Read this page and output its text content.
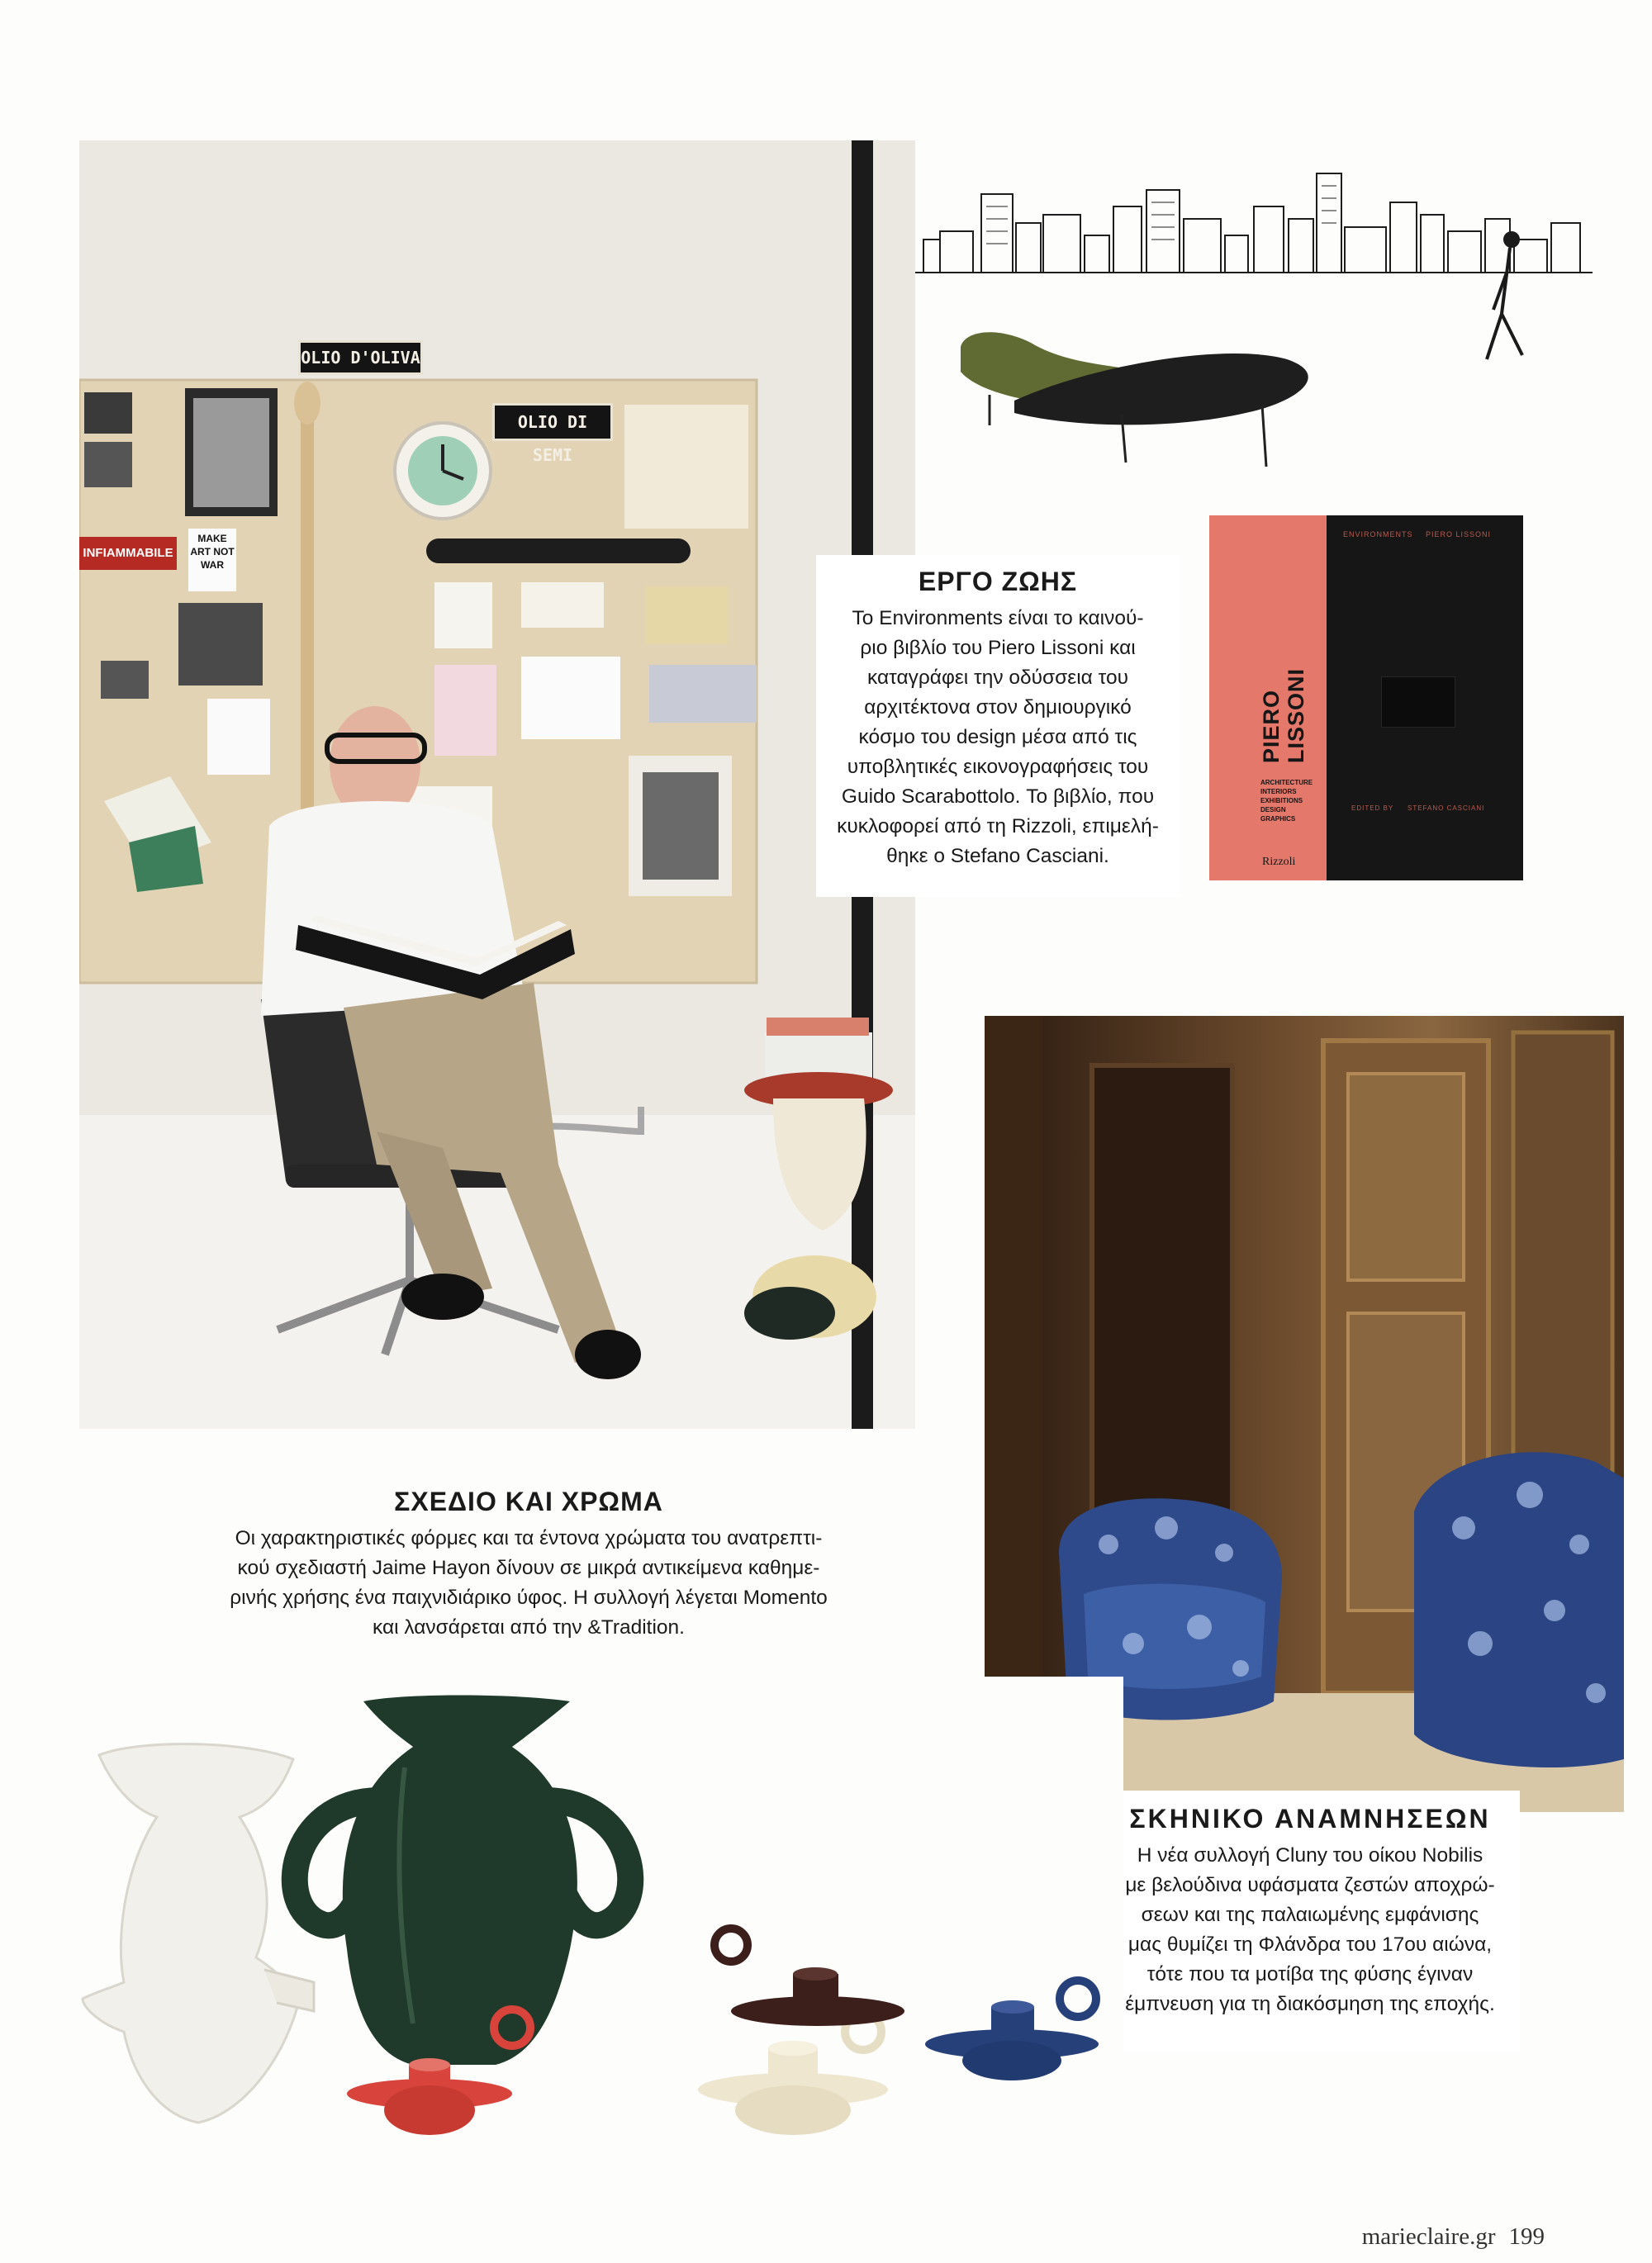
OLIO D'OLIVA
OLIO DI SEMI
INFIAMMABILE
MAKE ART NOT WAR
ENVIRONMENTS PIERO LISSONI
PIERO LISSONI
ARCHITECTURE
INTERIORS
EXHIBITIONS
DESIGN
GRAPHICS
EDITED BY STEFANO CASCIANI
Rizzoli
ΕΡΓΟ ΖΩΗΣ

Το Environments είναι το καινού-

ριο βιβλίο του Piero Lissoni και

καταγράφει την οδύσσεια του

αρχιτέκτονα στον δημιουργικό

κόσμο του design μέσα από τις

υποβλητικές εικονογραφήσεις του

Guido Scarabottolo. Το βιβλίο, που

κυκλοφορεί από τη Rizzoli, επιμελή-

θηκε ο Stefano Casciani.

ΣΚΗΝΙΚΟ ΑΝΑΜΝΗΣΕΩΝ

Η νέα συλλογή Cluny του οίκου Nobilis

με βελούδινα υφάσματα ζεστών αποχρώ-

σεων και της παλαιωμένης εμφάνισης

μας θυμίζει τη Φλάνδρα του 17ου αιώνα,

τότε που τα μοτίβα της φύσης έγιναν

έμπνευση για τη διακόσμηση της εποχής.

ΣΧΕΔΙΟ ΚΑΙ ΧΡΩΜΑ

Οι χαρακτηριστικές φόρμες και τα έντονα χρώματα του ανατρεπτι-

κού σχεδιαστή Jaime Hayon δίνουν σε μικρά αντικείμενα καθημε-

ρινής χρήσης ένα παιχνιδιάρικο ύφος. Η συλλογή λέγεται Momento

και λανσάρεται από την &Tradition.

marieclaire.gr 199
